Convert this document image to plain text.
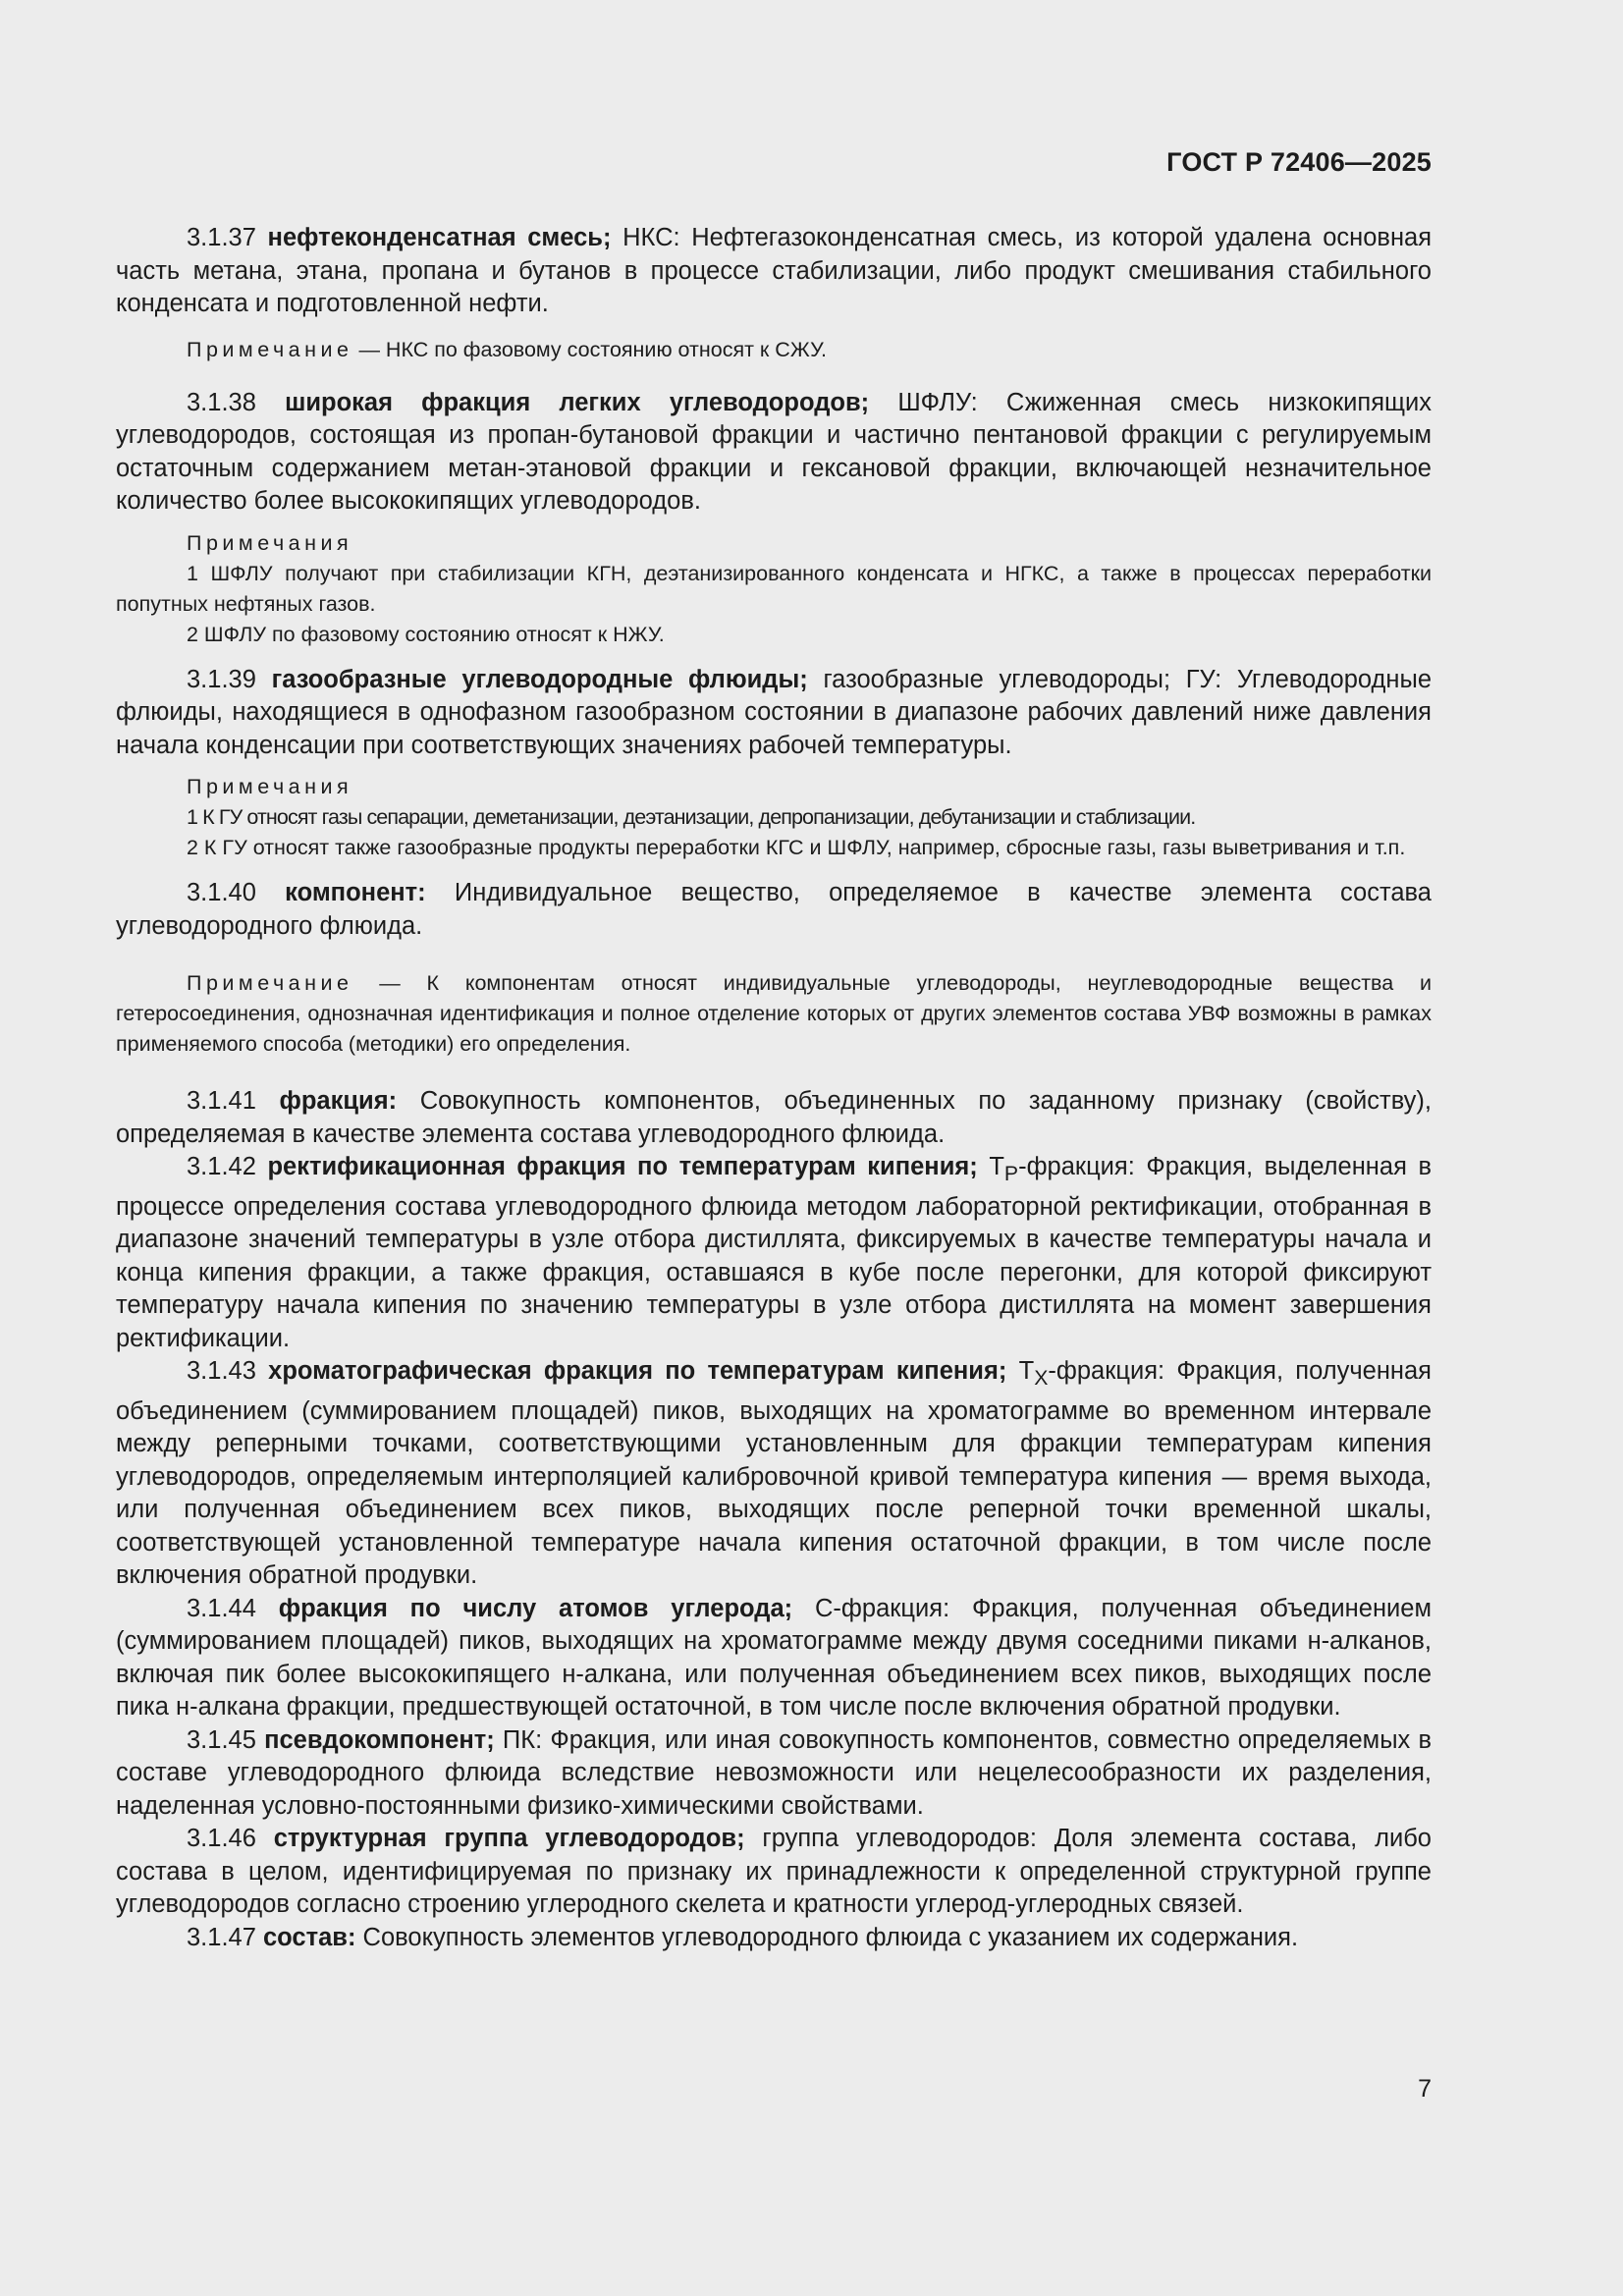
ГОСТ Р 72406—2025

3.1.37 нефтеконденсатная смесь; НКС: Нефтегазоконденсатная смесь, из которой удалена основная часть метана, этана, пропана и бутанов в процессе стабилизации, либо продукт смешивания стабильного конденсата и подготовленной нефти.

Примечание — НКС по фазовому состоянию относят к СЖУ.

3.1.38 широкая фракция легких углеводородов; ШФЛУ: Сжиженная смесь низкокипящих углеводородов, состоящая из пропан-бутановой фракции и частично пентановой фракции с регулируемым остаточным содержанием метан-этановой фракции и гексановой фракции, включающей незначительное количество более высококипящих углеводородов.

Примечания

1 ШФЛУ получают при стабилизации КГН, деэтанизированного конденсата и НГКС, а также в процессах переработки попутных нефтяных газов.

2 ШФЛУ по фазовому состоянию относят к НЖУ.

3.1.39 газообразные углеводородные флюиды; газообразные углеводороды; ГУ: Углеводородные флюиды, находящиеся в однофазном газообразном состоянии в диапазоне рабочих давлений ниже давления начала конденсации при соответствующих значениях рабочей температуры.

Примечания

1 К ГУ относят газы сепарации, деметанизации, деэтанизации, депропанизации, дебутанизации и стаблизации.

2 К ГУ относят также газообразные продукты переработки КГС и ШФЛУ, например, сбросные газы, газы выветривания и т.п.

3.1.40 компонент: Индивидуальное вещество, определяемое в качестве элемента состава углеводородного флюида.

Примечание — К компонентам относят индивидуальные углеводороды, неуглеводородные вещества и гетеросоединения, однозначная идентификация и полное отделение которых от других элементов состава УВФ возможны в рамках применяемого способа (методики) его определения.

3.1.41 фракция: Совокупность компонентов, объединенных по заданному признаку (свойству), определяемая в качестве элемента состава углеводородного флюида.

3.1.42 ректификационная фракция по температурам кипения; $T_P$-фракция: Фракция, выделенная в процессе определения состава углеводородного флюида методом лабораторной ректификации, отобранная в диапазоне значений температуры в узле отбора дистиллята, фиксируемых в качестве температуры начала и конца кипения фракции, а также фракция, оставшаяся в кубе после перегонки, для которой фиксируют температуру начала кипения по значению температуры в узле отбора дистиллята на момент завершения ректификации.

3.1.43 хроматографическая фракция по температурам кипения; $T_X$-фракция: Фракция, полученная объединением (суммированием площадей) пиков, выходящих на хроматограмме во временном интервале между реперными точками, соответствующими установленным для фракции температурам кипения углеводородов, определяемым интерполяцией калибровочной кривой температура кипения — время выхода, или полученная объединением всех пиков, выходящих после реперной точки временной шкалы, соответствующей установленной температуре начала кипения остаточной фракции, в том числе после включения обратной продувки.

3.1.44 фракция по числу атомов углерода; С-фракция: Фракция, полученная объединением (суммированием площадей) пиков, выходящих на хроматограмме между двумя соседними пиками н-алканов, включая пик более высококипящего н-алкана, или полученная объединением всех пиков, выходящих после пика н-алкана фракции, предшествующей остаточной, в том числе после включения обратной продувки.

3.1.45 псевдокомпонент; ПК: Фракция, или иная совокупность компонентов, совместно определяемых в составе углеводородного флюида вследствие невозможности или нецелесообразности их разделения, наделенная условно-постоянными физико-химическими свойствами.

3.1.46 структурная группа углеводородов; группа углеводородов: Доля элемента состава, либо состава в целом, идентифицируемая по признаку их принадлежности к определенной структурной группе углеводородов согласно строению углеродного скелета и кратности углерод-углеродных связей.

3.1.47 состав: Совокупность элементов углеводородного флюида с указанием их содержания.

7
